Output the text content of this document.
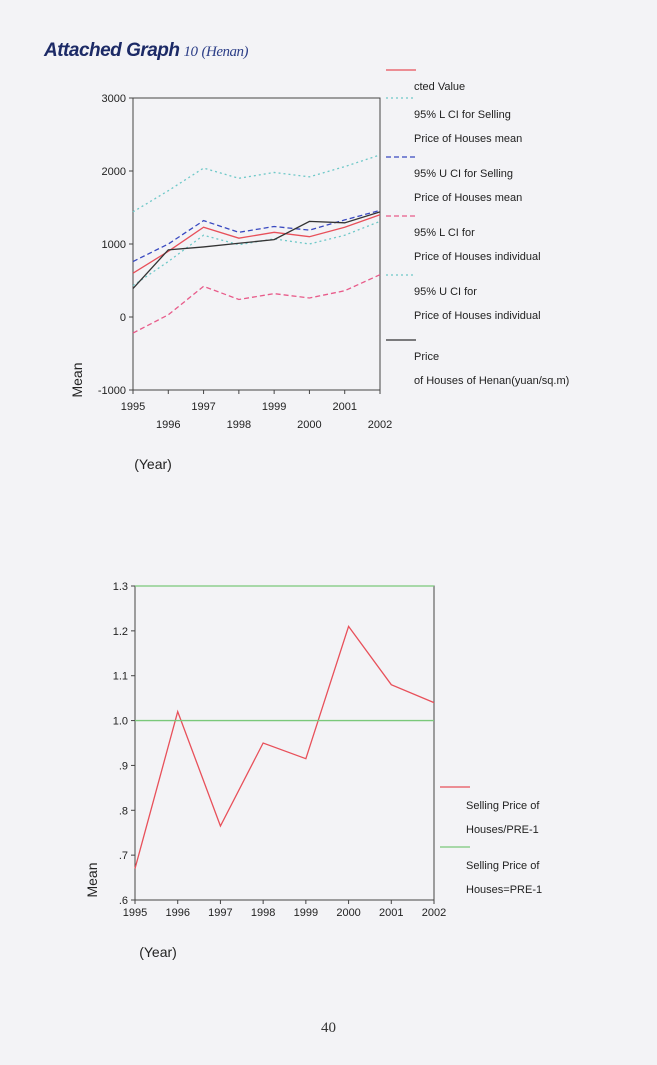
Attached Graph 10 (Henan)
3000
2000
1000
0
-1000
1995	1997	1999	2001
1996	1998	2000	2002
Mean
(Year)
cted Value
95% L CI for Selling
Price of Houses mean
95% U CI for Selling
Price of Houses mean
95% L CI for
Price of Houses individual
95% U CI for
Price of Houses individual
Price
of Houses of Henan(yuan/sq.m)
1.3
1.2
1.1
1.0
.9
.8
.7
.6
1995 1996 1997 1998 1999 2000 2001 2002
Mean
(Year)
Selling Price of
Houses/PRE-1
Selling Price of
Houses=PRE-1
40
